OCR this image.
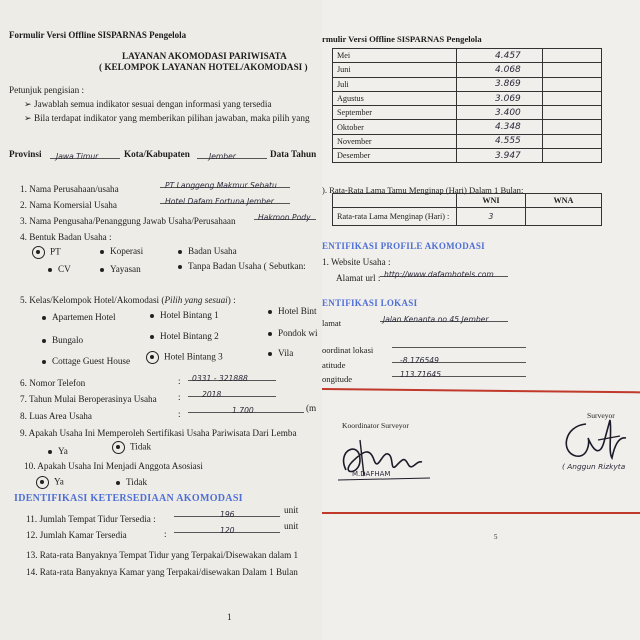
Formulir Versi Offline SISPARNAS Pengelola
LAYANAN AKOMODASI PARIWISATA
( KELOMPOK LAYANAN HOTEL/AKOMODASI )
Petunjuk pengisian :
➢ Jawablah semua indikator sesuai dengan informasi yang tersedia
➢ Bila terdapat indikator yang memberikan pilihan jawaban, maka pilih yang
Provinsi	Jawa Timur	Kota/Kabupaten	Jember	Data Tahun
1. Nama Perusahaan/usaha	PT Langgeng Makmur Sebatu
2. Nama Komersial Usaha	Hotel Dafam Fortuna Jember
3. Nama Pengusaha/Penanggung Jawab Usaha/Perusahaan	Hakmon Pody
4. Bentuk Badan Usaha :
PT	Koperasi	Badan Usaha
CV	Yayasan	Tanpa Badan Usaha ( Sebutkan:
5. Kelas/Kelompok Hotel/Akomodasi (Pilih yang sesuai) :
Apartemen Hotel	Hotel Bintang 1	Hotel Bint
Bungalo	Hotel Bintang 2	Pondok wi
Cottage Guest House	Hotel Bintang 3	Vila
6. Nomor Telefon	:	0331 - 321888
7. Tahun Mulai Beroperasinya Usaha :	2018
8. Luas Area Usaha	:	1.700	(m
9. Apakah Usaha Ini Memperoleh Sertifikasi Usaha Pariwisata Dari Lemba
Ya	Tidak
10. Apakah Usaha Ini Menjadi Anggota Asosiasi
Ya	Tidak
IDENTIFIKASI KETERSEDIAAN AKOMODASI
11. Jumlah Tempat Tidur Tersedia :	196	unit
12. Jumlah Kamar Tersedia	:	120	unit
13. Rata-rata Banyaknya Tempat Tidur yang Terpakai/Disewakan dalam 1
14. Rata-rata Banyaknya Kamar yang Terpakai/disewakan Dalam 1 Bulan
1
rmulir Versi Offline SISPARNAS Pengelola
Mei	4.457	
Juni	4.068	
Juli	3.869	
Agustus	3.069	
September	3.400	
Oktober	4.348	
November	4.555	
Desember	3.947	
). Rata-Rata Lama Tamu Menginap (Hari) Dalam 1 Bulan:
	WNI	WNA
Rata-rata Lama Menginap (Hari) :	3	
ENTIFIKASI PROFILE AKOMODASI
1. Website Usaha :
Alamat url : http://www.dafamhotels.com
ENTIFIKASI LOKASI
lamat	Jalan Kenanta no 45 Jember
oordinat lokasi
atitude	-8.176549
ongitude	113.71645
Koordinator Surveyor
Surveyor
M.DAFHAM
( Anggun Rizkyta
5
